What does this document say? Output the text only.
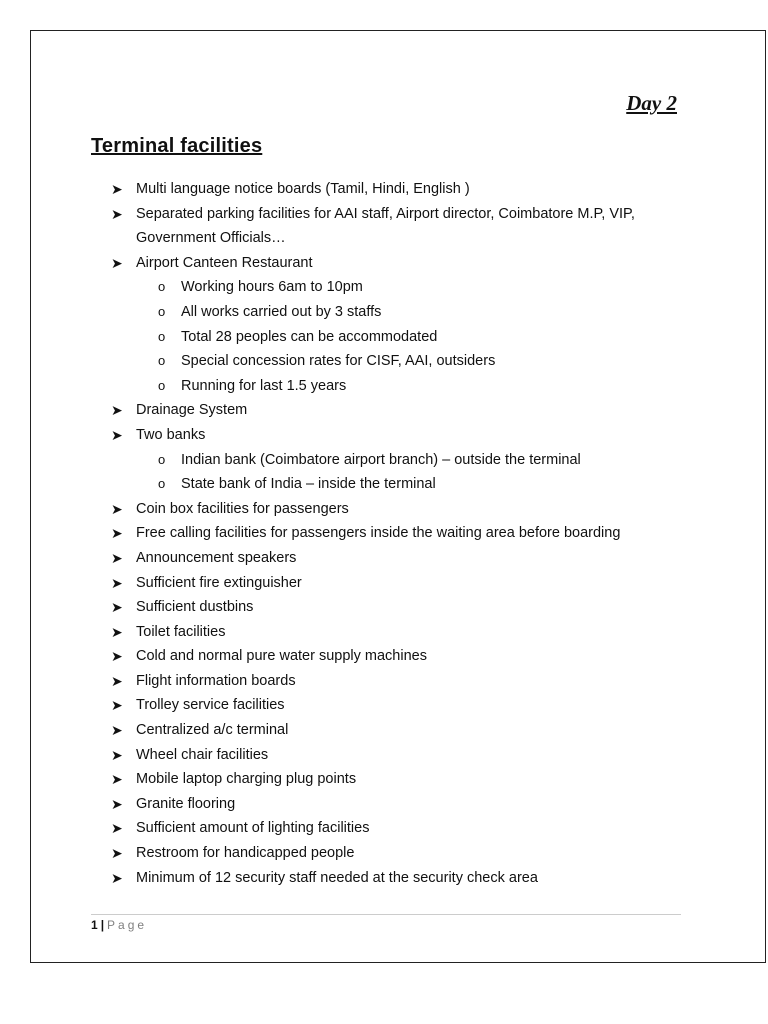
Day 2
Terminal facilities
➤ Multi language notice boards (Tamil, Hindi, English )
➤ Separated parking facilities for AAI staff, Airport director, Coimbatore M.P, VIP, Government Officials…
➤ Airport Canteen Restaurant
o Working hours 6am to 10pm
o All works carried out by 3 staffs
o Total 28 peoples can be accommodated
o Special concession rates for CISF, AAI, outsiders
o Running for last 1.5 years
➤ Drainage System
➤ Two banks
o Indian bank (Coimbatore airport branch) – outside the terminal
o State bank of India – inside the terminal
➤ Coin box facilities for passengers
➤ Free calling facilities for passengers inside the waiting area before boarding
➤ Announcement speakers
➤ Sufficient fire extinguisher
➤ Sufficient dustbins
➤ Toilet facilities
➤ Cold and normal pure water supply machines
➤ Flight information boards
➤ Trolley service facilities
➤ Centralized a/c terminal
➤ Wheel chair facilities
➤ Mobile laptop charging plug points
➤ Granite flooring
➤ Sufficient amount of lighting facilities
➤ Restroom for handicapped people
➤ Minimum of 12 security staff needed at the security check area
1 | Page
